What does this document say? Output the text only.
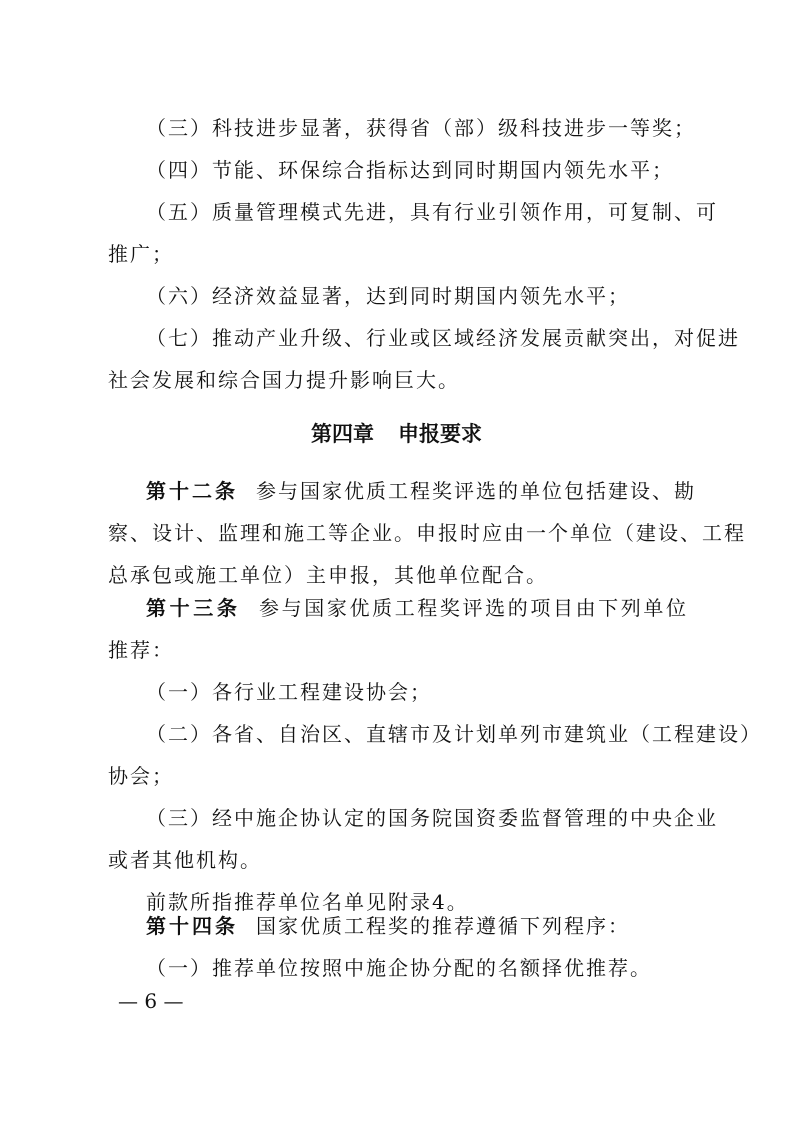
（三）科技进步显著，获得省（部）级科技进步一等奖；
（四）节能、环保综合指标达到同时期国内领先水平；
（五）质量管理模式先进，具有行业引领作用，可复制、可
推广；
（六）经济效益显著，达到同时期国内领先水平；
（七）推动产业升级、行业或区域经济发展贡献突出，对促进
社会发展和综合国力提升影响巨大。
第四章 申报要求
第十二条 参与国家优质工程奖评选的单位包括建设、勘
察、设计、监理和施工等企业。申报时应由一个单位（建设、工程
总承包或施工单位）主申报，其他单位配合。
第十三条 参与国家优质工程奖评选的项目由下列单位
推荐：
（一）各行业工程建设协会；
（二）各省、自治区、直辖市及计划单列市建筑业（工程建设）
协会；
（三）经中施企协认定的国务院国资委监督管理的中央企业
或者其他机构。
前款所指推荐单位名单见附录4。
第十四条 国家优质工程奖的推荐遵循下列程序：
（一）推荐单位按照中施企协分配的名额择优推荐。
— 6 —
